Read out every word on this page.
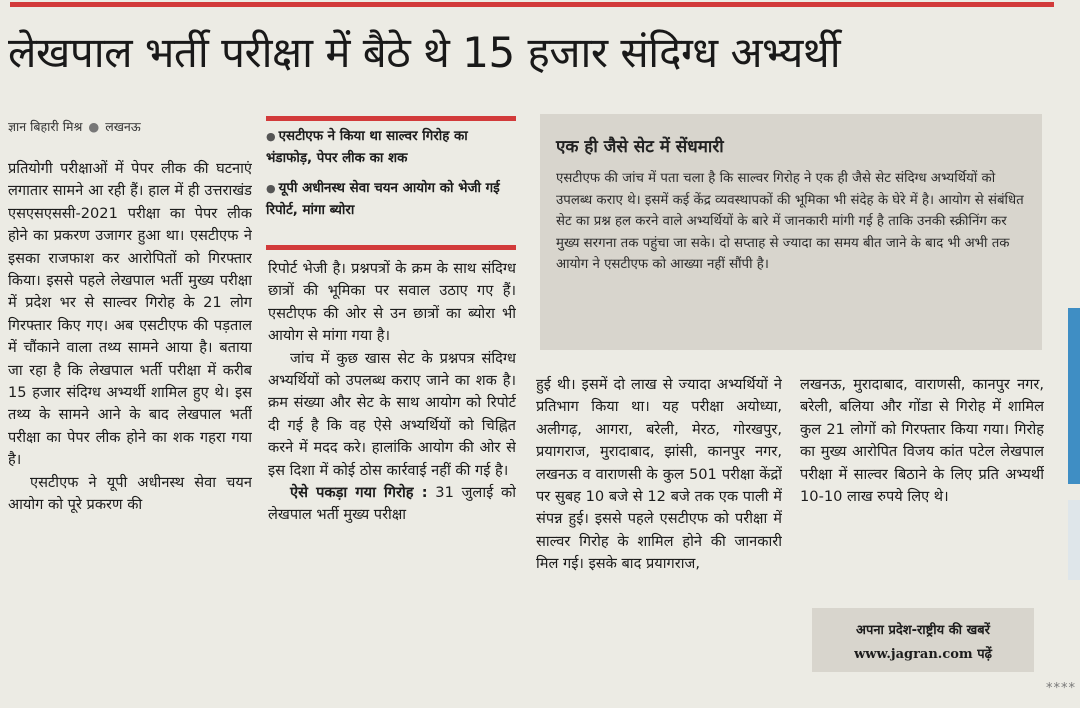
लेखपाल भर्ती परीक्षा में बैठे थे 15 हजार संदिग्ध अभ्यर्थी
ज्ञान बिहारी मिश्र ● लखनऊ

प्रतियोगी परीक्षाओं में पेपर लीक की घटनाएं लगातार सामने आ रही हैं। हाल में ही उत्तराखंड एसएसएससी-2021 परीक्षा का पेपर लीक होने का प्रकरण उजागर हुआ था। एसटीएफ ने इसका राजफाश कर आरोपितों को गिरफ्तार किया। इससे पहले लेखपाल भर्ती मुख्य परीक्षा में प्रदेश भर से साल्वर गिरोह के 21 लोग गिरफ्तार किए गए। अब एसटीएफ की पड़ताल में चौंकाने वाला तथ्य सामने आया है। बताया जा रहा है कि लेखपाल भर्ती परीक्षा में करीब 15 हजार संदिग्ध अभ्यर्थी शामिल हुए थे। इस तथ्य के सामने आने के बाद लेखपाल भर्ती परीक्षा का पेपर लीक होने का शक गहरा गया है।

एसटीएफ ने यूपी अधीनस्थ सेवा चयन आयोग को पूरे प्रकरण की

● एसटीएफ ने किया था साल्वर गिरोह का भंडाफोड़, पेपर लीक का शक
● यूपी अधीनस्थ सेवा चयन आयोग को भेजी गई रिपोर्ट, मांगा ब्योरा

रिपोर्ट भेजी है। प्रश्नपत्रों के क्रम के साथ संदिग्ध छात्रों की भूमिका पर सवाल उठाए गए हैं। एसटीएफ की ओर से उन छात्रों का ब्योरा भी आयोग से मांगा गया है।

जांच में कुछ खास सेट के प्रश्नपत्र संदिग्ध अभ्यर्थियों को उपलब्ध कराए जाने का शक है। क्रम संख्या और सेट के साथ आयोग को रिपोर्ट दी गई है कि वह ऐसे अभ्यर्थियों को चिह्नित करने में मदद करे। हालांकि आयोग की ओर से इस दिशा में कोई ठोस कार्रवाई नहीं की गई है।

ऐसे पकड़ा गया गिरोह : 31 जुलाई को लेखपाल भर्ती मुख्य परीक्षा

एक ही जैसे सेट में सेंधमारी
एसटीएफ की जांच में पता चला है कि साल्वर गिरोह ने एक ही जैसे सेट संदिग्ध अभ्यर्थियों को उपलब्ध कराए थे। इसमें कई केंद्र व्यवस्थापकों की भूमिका भी संदेह के घेरे में है। आयोग से संबंधित सेट का प्रश्न हल करने वाले अभ्यर्थियों के बारे में जानकारी मांगी गई है ताकि उनकी स्क्रीनिंग कर मुख्य सरगना तक पहुंचा जा सके। दो सप्ताह से ज्यादा का समय बीत जाने के बाद भी अभी तक आयोग ने एसटीएफ को आख्या नहीं सौंपी है।

हुई थी। इसमें दो लाख से ज्यादा अभ्यर्थियों ने प्रतिभाग किया था। यह परीक्षा अयोध्या, अलीगढ़, आगरा, बरेली, मेरठ, गोरखपुर, प्रयागराज, मुरादाबाद, झांसी, कानपुर नगर, लखनऊ व वाराणसी के कुल 501 परीक्षा केंद्रों पर सुबह 10 बजे से 12 बजे तक एक पाली में संपन्न हुई। इससे पहले एसटीएफ को परीक्षा में साल्वर गिरोह के शामिल होने की जानकारी मिल गई। इसके बाद प्रयागराज,

लखनऊ, मुरादाबाद, वाराणसी, कानपुर नगर, बरेली, बलिया और गोंडा से गिरोह में शामिल कुल 21 लोगों को गिरफ्तार किया गया। गिरोह का मुख्य आरोपित विजय कांत पटेल लेखपाल परीक्षा में साल्वर बिठाने के लिए प्रति अभ्यर्थी 10-10 लाख रुपये लिए थे।

अपना प्रदेश-राष्ट्रीय की खबरें
www.jagran.com पढ़ें
****
